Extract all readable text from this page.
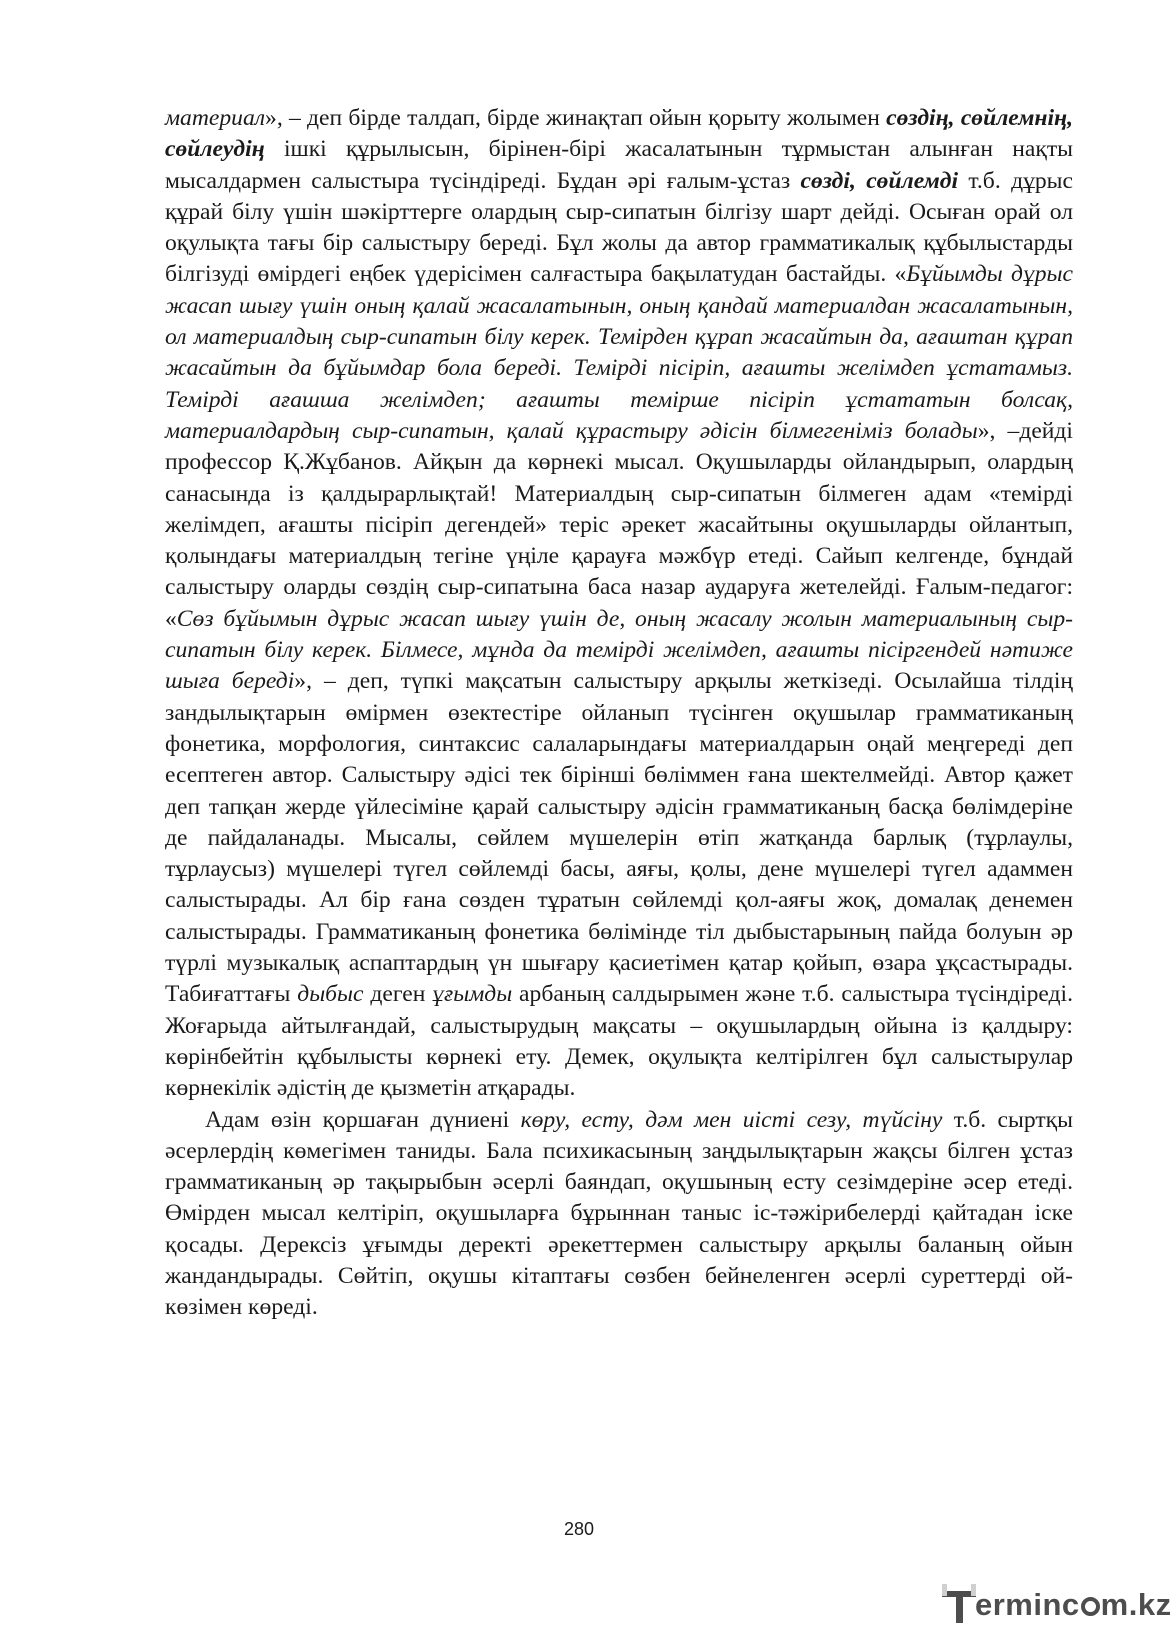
материал», – деп бірде талдап, бірде жинақтап ойын қорыту жолымен сөздің, сөйлемнің, сөйлеудің ішкі құрылысын, бірінен-бірі жасалатынын тұрмыстан алынған нақты мысалдармен салыстыра түсіндіреді. Бұдан әрі ғалым-ұстаз сөзді, сөйлемді т.б. дұрыс құрай білу үшін шәкірттерге олардың сыр-сипатын білгізу шарт дейді. Осыған орай ол оқулықта тағы бір салыстыру береді. Бұл жолы да автор грамматикалық құбылыстарды білгізуді өмірдегі еңбек үдерісімен салғастыра бақылатудан бастайды. «Бұйымды дұрыс жасап шығу үшін оның қалай жасалатынын, оның қандай материалдан жасалатынын, ол материалдың сыр-сипатын білу керек. Темірден құрап жасайтын да, ағаштан құрап жасайтын да бұйымдар бола береді. Темірді пісіріп, ағашты желімдеп ұстатамыз. Темірді ағашша желімдеп; ағашты темірше пісіріп ұстататын болсақ, материалдардың сыр-сипатын, қалай құрастыру әдісін білмегеніміз болады», –дейді профессор Қ.Жұбанов. Айқын да көрнекі мысал. Оқушыларды ойландырып, олардың санасында із қалдырарлықтай! Материалдың сыр-сипатын білмеген адам «темірді желімдеп, ағашты пісіріп дегендей» теріс әрекет жасайтыны оқушыларды ойлантып, қолындағы материалдың тегіне үңіле қарауға мәжбүр етеді. Сайып келгенде, бұндай салыстыру оларды сөздің сыр-сипатына баса назар аударуға жетелейді. Ғалым-педагог: «Сөз бұйымын дұрыс жасап шығу үшін де, оның жасалу жолын материалының сыр-сипатын білу керек. Білмесе, мұнда да темірді желімдеп, ағашты пісіргендей нәтиже шыға береді», – деп, түпкі мақсатын салыстыру арқылы жеткізеді. Осылайша тілдің зандылықтарын өмірмен өзектестіре ойланып түсінген оқушылар грамматиканың фонетика, морфология, синтаксис салаларындағы материалдарын оңай меңгереді деп есептеген автор. Салыстыру әдісі тек бірінші бөліммен ғана шектелмейді. Автор қажет деп тапқан жерде үйлесіміне қарай салыстыру әдісін грамматиканың басқа бөлімдеріне де пайдаланады. Мысалы, сөйлем мүшелерін өтіп жатқанда барлық (тұрлаулы, тұрлаусыз) мүшелері түгел сөйлемді басы, аяғы, қолы, дене мүшелері түгел адаммен салыстырады. Ал бір ғана сөзден тұратын сөйлемді қол-аяғы жоқ, домалақ денемен салыстырады. Грамматиканың фонетика бөлімінде тіл дыбыстарының пайда болуын әр түрлі музыкалық аспаптардың үн шығару қасиетімен қатар қойып, өзара ұқсастырады. Табиғаттағы дыбыс деген ұғымды арбаның салдырымен және т.б. салыстыра түсіндіреді. Жоғарыда айтылғандай, салыстырудың мақсаты – оқушылардың ойына із қалдыру: көрінбейтін құбылысты көрнекі ету. Демек, оқулықта келтірілген бұл салыстырулар көрнекілік әдістің де қызметін атқарады.

Адам өзін қоршаған дүниені көру, есту, дәм мен иісті сезу, түйсіну т.б. сыртқы әсерлердің көмегімен таниды. Бала психикасының заңдылықтарын жақсы білген ұстаз грамматиканың әр тақырыбын әсерлі баяндап, оқушының есту сезімдеріне әсер етеді. Өмірден мысал келтіріп, оқушыларға бұрыннан таныс іс-тәжірибелерді қайтадан іске қосады. Дерексіз ұғымды деректі әрекеттермен салыстыру арқылы баланың ойын жандандырады. Сөйтіп, оқушы кітаптағы сөзбен бейнеленген әсерлі суреттерді ой-көзімен көреді.

280
erminc m.kz
